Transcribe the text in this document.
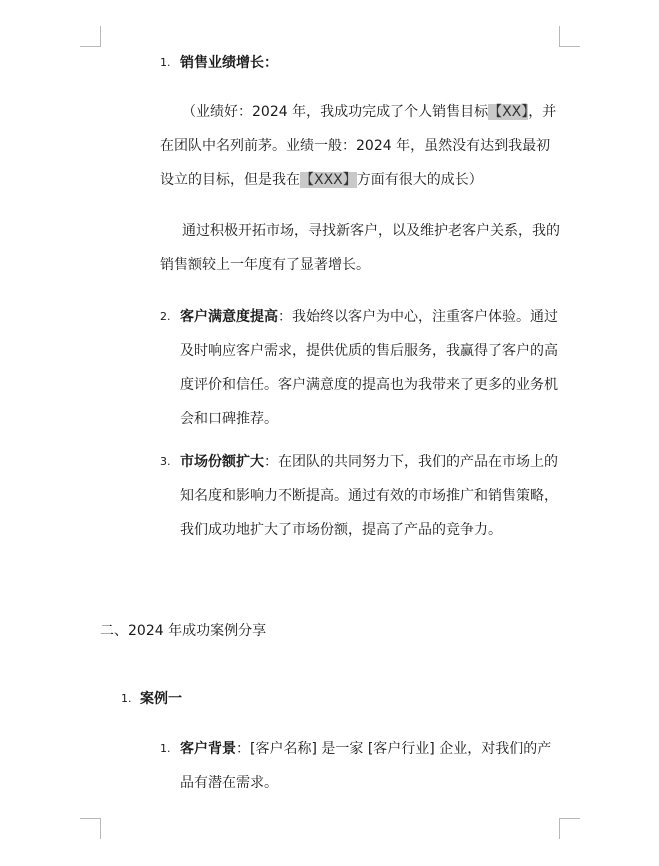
1. 销售业绩增长：
（业绩好：2024 年，我成功完成了个人销售目标【XX】，并在团队中名列前茅。业绩一般：2024 年，虽然没有达到我最初设立的目标，但是我在【XXX】方面有很大的成长）
通过积极开拓市场，寻找新客户，以及维护老客户关系，我的销售额较上一年度有了显著增长。
2. 客户满意度提高：我始终以客户为中心，注重客户体验。通过及时响应客户需求，提供优质的售后服务，我赢得了客户的高度评价和信任。客户满意度的提高也为我带来了更多的业务机会和口碑推荐。
3. 市场份额扩大：在团队的共同努力下，我们的产品在市场上的知名度和影响力不断提高。通过有效的市场推广和销售策略，我们成功地扩大了市场份额，提高了产品的竞争力。
二、2024 年成功案例分享
1. 案例一
1. 客户背景：[客户名称] 是一家 [客户行业] 企业，对我们的产品有潜在需求。
